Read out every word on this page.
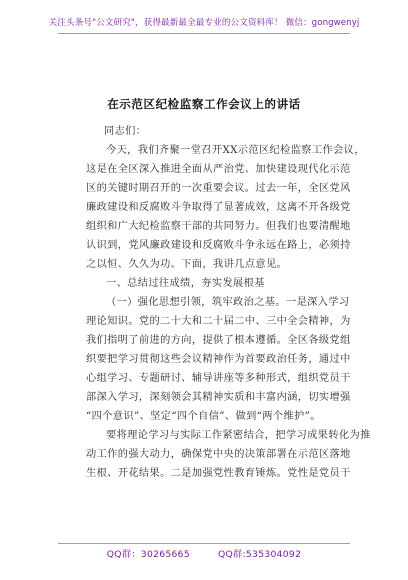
关注头条号"公文研究"，获得最新最全最专业的公文资料库！ 微信：gongwenyj
在示范区纪检监察工作会议上的讲话
同志们：
今天，我们齐聚一堂召开XX示范区纪检监察工作会议，
这是在全区深入推进全面从严治党、加快建设现代化示范
区的关键时期召开的一次重要会议。过去一年，全区党风
廉政建设和反腐败斗争取得了显著成效，这离不开各级党
组织和广大纪检监察干部的共同努力。但我们也要清醒地
认识到，党风廉政建设和反腐败斗争永远在路上，必须持
之以恒、久久为功。下面，我讲几点意见。
一、总结过往成绩，夯实发展根基
（一）强化思想引领，筑牢政治之基。一是深入学习
理论知识。党的二十大和二十届二中、三中全会精神，为
我们指明了前进的方向，提供了根本遵循。全区各级党组
织要把学习贯彻这些会议精神作为首要政治任务，通过中
心组学习、专题研讨、辅导讲座等多种形式，组织党员干
部深入学习，深刻领会其精神实质和丰富内涵，切实增强
“四个意识”、坚定“四个自信”、做到“两个维护”。
要将理论学习与实际工作紧密结合，把学习成果转化为推
动工作的强大动力，确保党中央的决策部署在示范区落地
生根、开花结果。二是加强党性教育锤炼。党性是党员干
QQ群：30265665	QQ群:535304092
